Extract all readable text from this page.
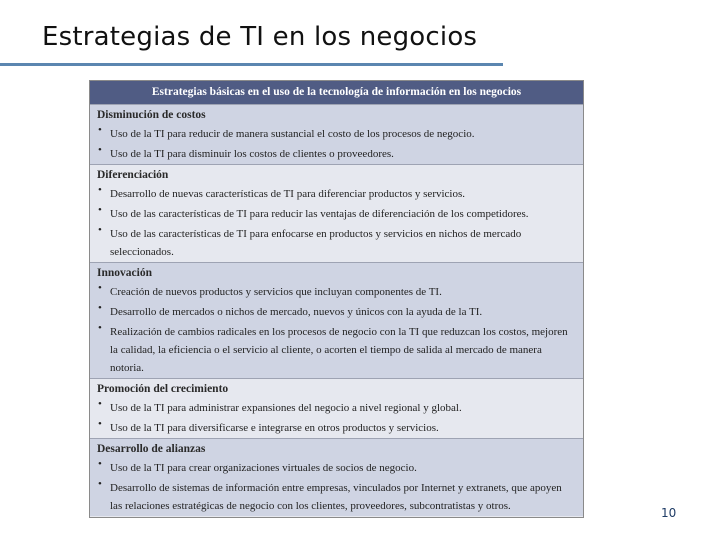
Estrategias de TI en los negocios
Estrategias básicas en el uso de la tecnología de información en los negocios
Disminución de costos
• Uso de la TI para reducir de manera sustancial el costo de los procesos de negocio.
• Uso de la TI para disminuir los costos de clientes o proveedores.
Diferenciación
• Desarrollo de nuevas características de TI para diferenciar productos y servicios.
• Uso de las características de TI para reducir las ventajas de diferenciación de los competidores.
• Uso de las características de TI para enfocarse en productos y servicios en nichos de mercado seleccionados.
Innovación
• Creación de nuevos productos y servicios que incluyan componentes de TI.
• Desarrollo de mercados o nichos de mercado, nuevos y únicos con la ayuda de la TI.
• Realización de cambios radicales en los procesos de negocio con la TI que reduzcan los costos, mejoren la calidad, la eficiencia o el servicio al cliente, o acorten el tiempo de salida al mercado de manera notoria.
Promoción del crecimiento
• Uso de la TI para administrar expansiones del negocio a nivel regional y global.
• Uso de la TI para diversificarse e integrarse en otros productos y servicios.
Desarrollo de alianzas
• Uso de la TI para crear organizaciones virtuales de socios de negocio.
• Desarrollo de sistemas de información entre empresas, vinculados por Internet y extranets, que apoyen las relaciones estratégicas de negocio con los clientes, proveedores, subcontratistas y otros.	10
